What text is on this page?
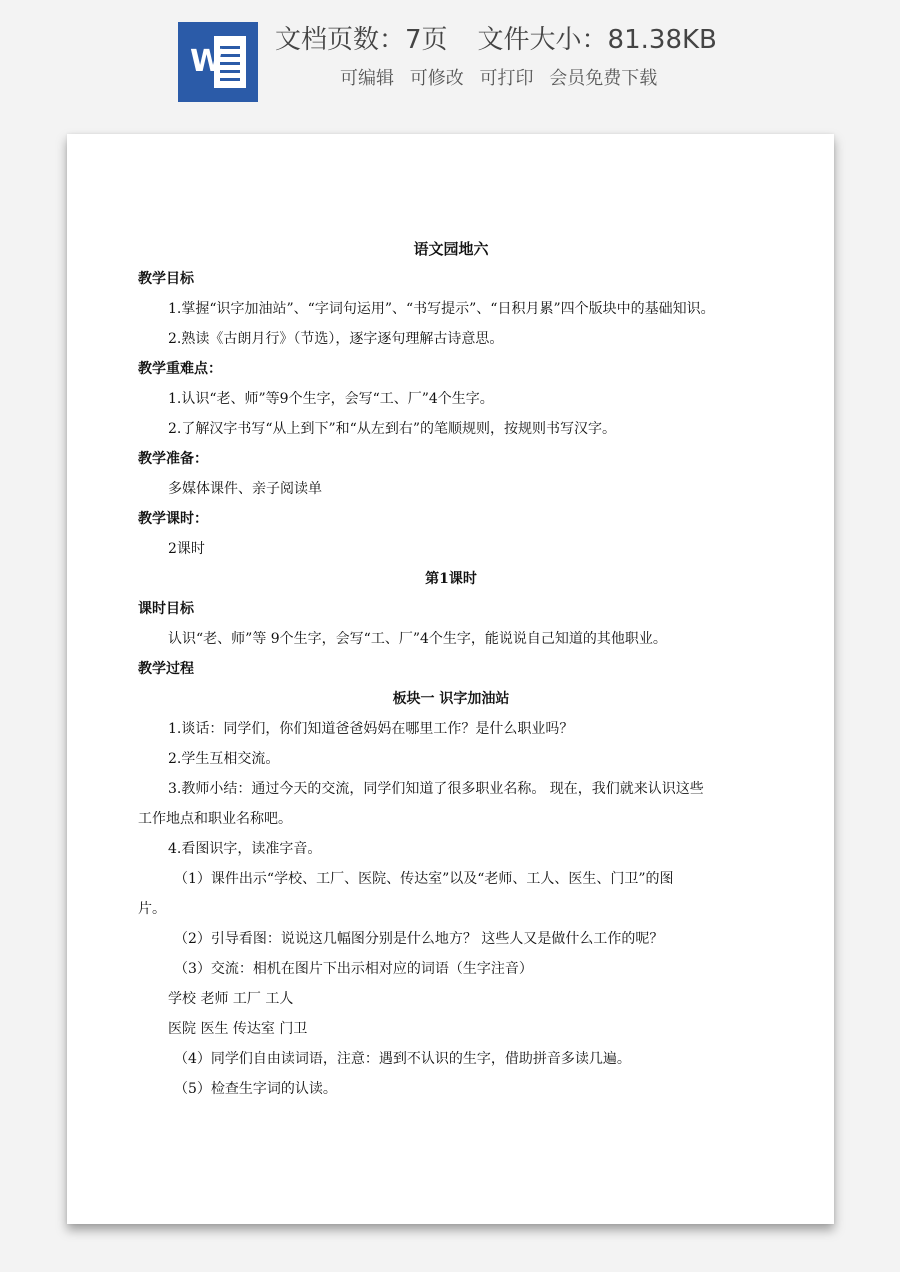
W
文档页数：7页 文件大小：81.38KB
可编辑 可修改 可打印 会员免费下载
语文园地六
教学目标
1.掌握“识字加油站”、“字词句运用”、“书写提示”、“日积月累”四个版块中的基础知识。
2.熟读《古朗月行》（节选），逐字逐句理解古诗意思。
教学重难点：
1.认识“老、师”等9个生字，会写“工、厂”4个生字。
2.了解汉字书写“从上到下”和“从左到右”的笔顺规则，按规则书写汉字。
教学准备：
多媒体课件、亲子阅读单
教学课时：
2课时
第1课时
课时目标
认识“老、师”等 9个生字，会写“工、厂”4个生字，能说说自己知道的其他职业。
教学过程
板块一 识字加油站
1.谈话：同学们，你们知道爸爸妈妈在哪里工作？是什么职业吗？
2.学生互相交流。
3.教师小结：通过今天的交流，同学们知道了很多职业名称。 现在，我们就来认识这些
工作地点和职业名称吧。
4.看图识字，读准字音。
（1）课件出示“学校、工厂、医院、传达室”以及“老师、工人、医生、门卫”的图
片。
（2）引导看图：说说这几幅图分别是什么地方？ 这些人又是做什么工作的呢？
（3）交流：相机在图片下出示相对应的词语（生字注音）
学校 老师 工厂 工人
医院 医生 传达室 门卫
（4）同学们自由读词语，注意：遇到不认识的生字，借助拼音多读几遍。
（5）检查生字词的认读。
